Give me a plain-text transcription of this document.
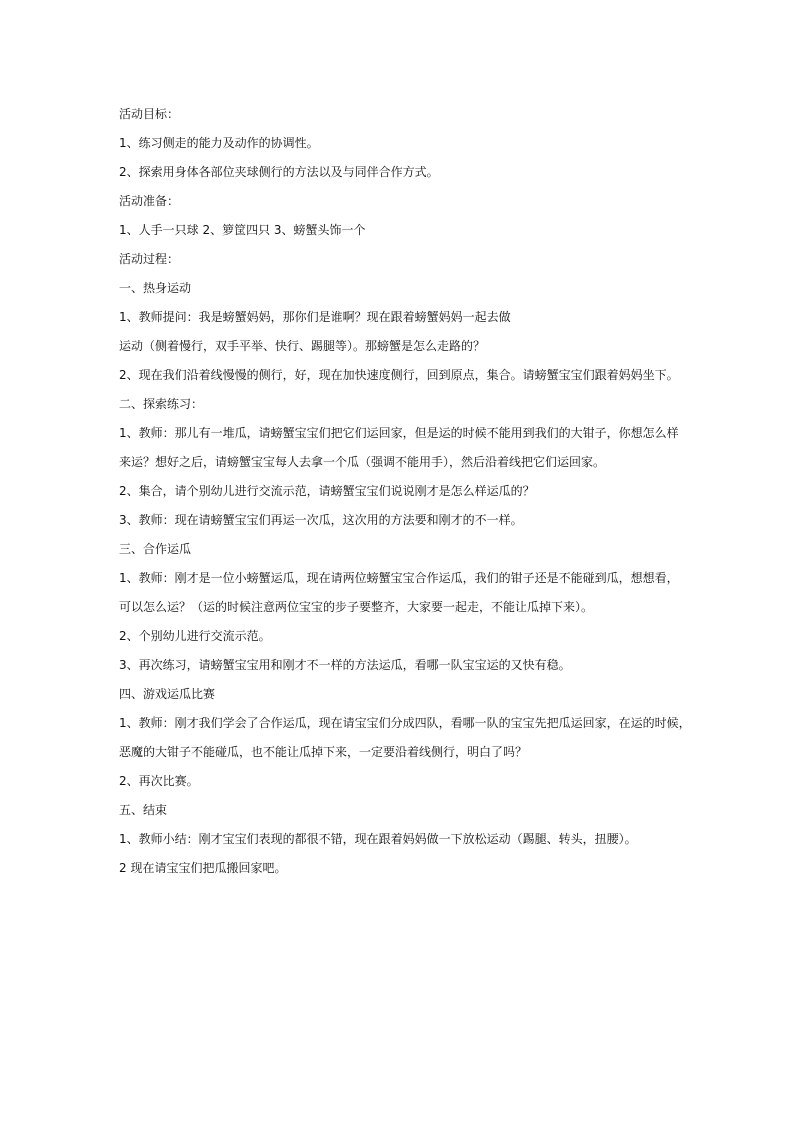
活动目标：
1、练习侧走的能力及动作的协调性。
2、探索用身体各部位夹球侧行的方法以及与同伴合作方式。
活动准备：
1、人手一只球 2、箩筐四只 3、螃蟹头饰一个
活动过程：
一、热身运动
1、教师提问：我是螃蟹妈妈，那你们是谁啊？现在跟着螃蟹妈妈一起去做
运动（侧着慢行，双手平举、快行、踢腿等）。那螃蟹是怎么走路的？
2、现在我们沿着线慢慢的侧行，好，现在加快速度侧行，回到原点，集合。请螃蟹宝宝们跟着妈妈坐下。
二、探索练习：
1、教师：那儿有一堆瓜，请螃蟹宝宝们把它们运回家，但是运的时候不能用到我们的大钳子，你想怎么样
来运？想好之后，请螃蟹宝宝每人去拿一个瓜（强调不能用手），然后沿着线把它们运回家。
2、集合，请个别幼儿进行交流示范，请螃蟹宝宝们说说刚才是怎么样运瓜的？
3、教师：现在请螃蟹宝宝们再运一次瓜，这次用的方法要和刚才的不一样。
三、合作运瓜
1、教师：刚才是一位小螃蟹运瓜，现在请两位螃蟹宝宝合作运瓜，我们的钳子还是不能碰到瓜，想想看，
可以怎么运？（运的时候注意两位宝宝的步子要整齐，大家要一起走，不能让瓜掉下来）。
2、个别幼儿进行交流示范。
3、再次练习，请螃蟹宝宝用和刚才不一样的方法运瓜，看哪一队宝宝运的又快有稳。
四、游戏运瓜比赛
1、教师：刚才我们学会了合作运瓜，现在请宝宝们分成四队，看哪一队的宝宝先把瓜运回家，在运的时候，
恶魔的大钳子不能碰瓜，也不能让瓜掉下来，一定要沿着线侧行，明白了吗？
2、再次比赛。
五、结束
1、教师小结：刚才宝宝们表现的都很不错，现在跟着妈妈做一下放松运动（踢腿、转头，扭腰）。
2 现在请宝宝们把瓜搬回家吧。
